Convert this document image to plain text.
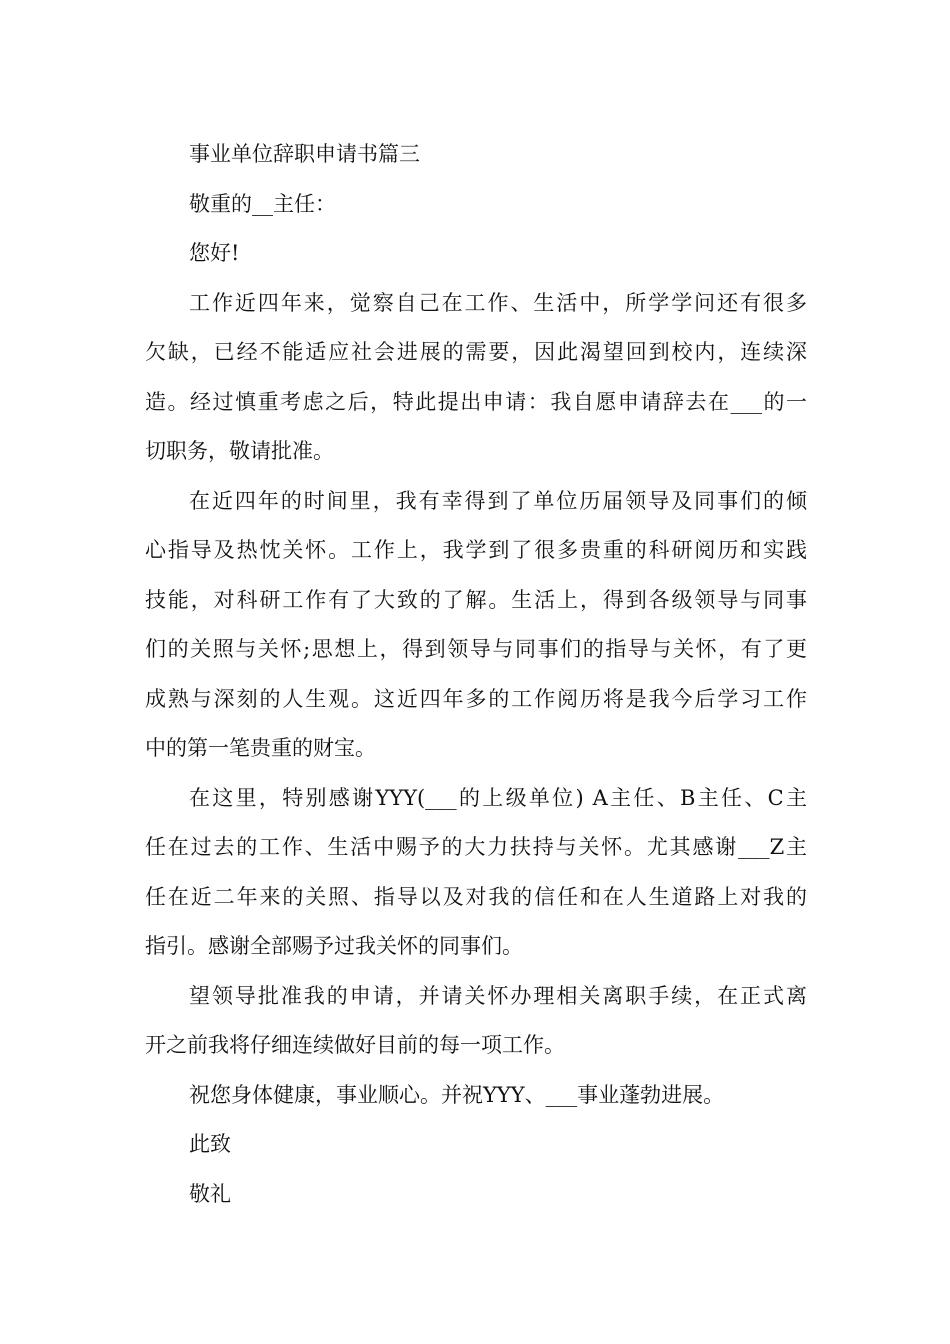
事业单位辞职申请书篇三
敬重的__主任：
您好!
工作近四年来，觉察自己在工作、生活中，所学学问还有很多
欠缺，已经不能适应社会进展的需要，因此渴望回到校内，连续深
造。经过慎重考虑之后，特此提出申请：我自愿申请辞去在___的一
切职务，敬请批准。
在近四年的时间里，我有幸得到了单位历届领导及同事们的倾
心指导及热忱关怀。工作上，我学到了很多贵重的科研阅历和实践
技能，对科研工作有了大致的了解。生活上，得到各级领导与同事
们的关照与关怀;思想上，得到领导与同事们的指导与关怀，有了更
成熟与深刻的人生观。这近四年多的工作阅历将是我今后学习工作
中的第一笔贵重的财宝。
在这里，特别感谢YYY(___的上级单位) A主任、B主任、C主
任在过去的工作、生活中赐予的大力扶持与关怀。尤其感谢___Z主
任在近二年来的关照、指导以及对我的信任和在人生道路上对我的
指引。感谢全部赐予过我关怀的同事们。
望领导批准我的申请，并请关怀办理相关离职手续，在正式离
开之前我将仔细连续做好目前的每一项工作。
祝您身体健康，事业顺心。并祝YYY、___事业蓬勃进展。
此致
敬礼
